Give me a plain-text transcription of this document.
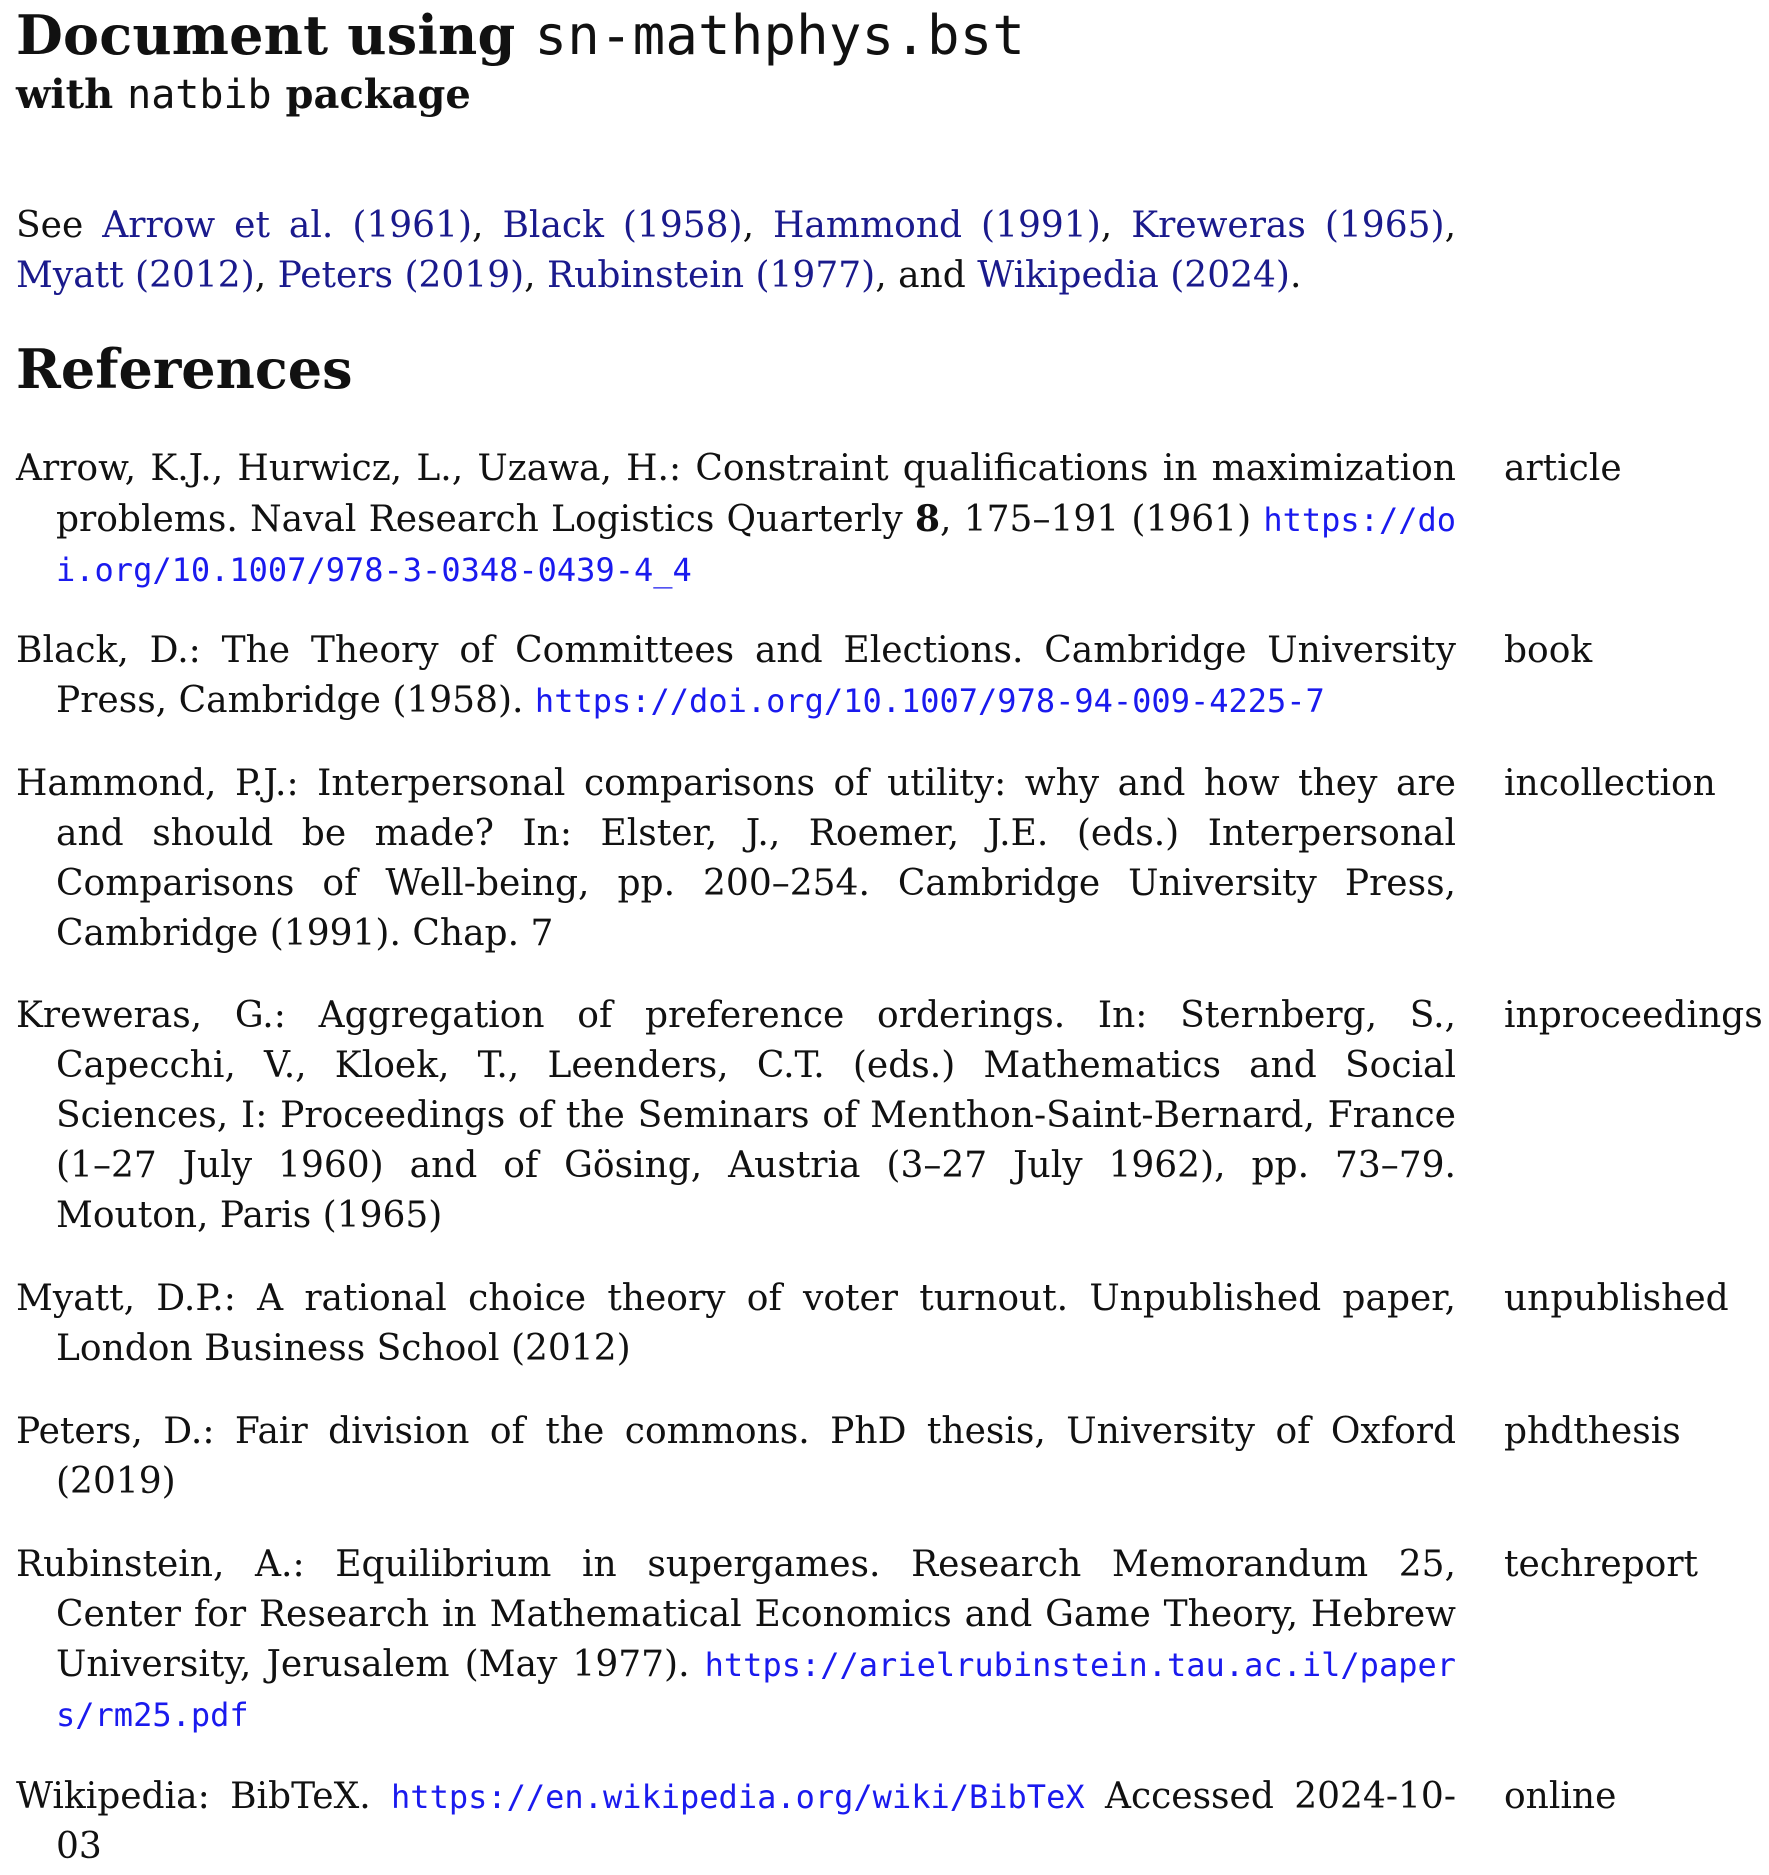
Document using sn-mathphys.bst
with natbib package

See Arrow et al. (1961), Black (1958), Hammond (1991), Kreweras (1965), Myatt (2012), Peters (2019), Rubinstein (1977), and Wikipedia (2024).

References
Arrow, K.J., Hurwicz, L., Uzawa, H.: Constraint qualifications in maximization problems. Naval Research Logistics Quarterly 8, 175–191 (1961) https://doi.org/10.1007/978-3-0348-0439-4_4
article
Black, D.: The Theory of Committees and Elections. Cambridge University Press, Cambridge (1958). https://doi.org/10.1007/978-94-009-4225-7
book
Hammond, P.J.: Interpersonal comparisons of utility: why and how they are and should be made? In: Elster, J., Roemer, J.E. (eds.) Interpersonal Comparisons of Well-being, pp. 200–254. Cambridge University Press, Cambridge (1991). Chap. 7
incollection
Kreweras, G.: Aggregation of preference orderings. In: Sternberg, S., Capecchi, V., Kloek, T., Leenders, C.T. (eds.) Mathematics and Social Sciences, I: Proceedings of the Seminars of Menthon-Saint-Bernard, France (1–27 July 1960) and of Gösing, Austria (3–27 July 1962), pp. 73–79. Mouton, Paris (1965)
inproceedings
Myatt, D.P.: A rational choice theory of voter turnout. Unpublished paper, London Business School (2012)
unpublished
Peters, D.: Fair division of the commons. PhD thesis, University of Oxford (2019)
phdthesis
Rubinstein, A.: Equilibrium in supergames. Research Memorandum 25, Center for Research in Mathematical Economics and Game Theory, Hebrew University, Jerusalem (May 1977). https://arielrubinstein.tau.ac.il/papers/rm25.pdf
techreport
Wikipedia: BibTeX. https://en.wikipedia.org/wiki/BibTeX Accessed 2024-10-03
online
